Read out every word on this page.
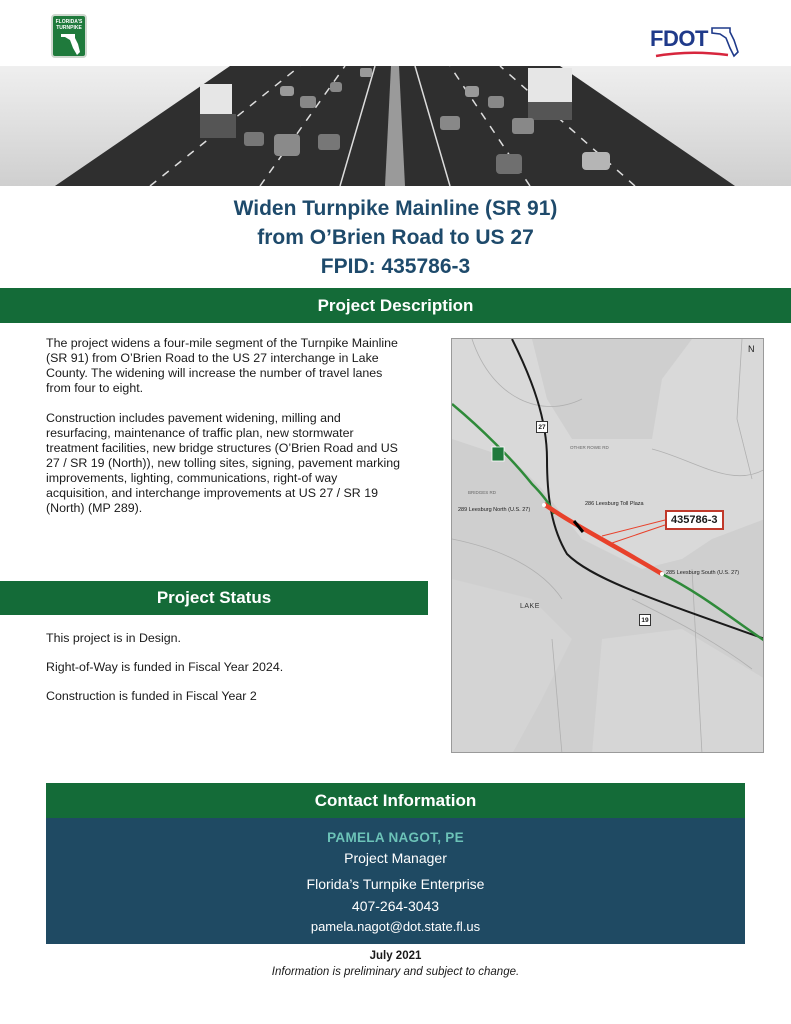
FLORIDA'S TURNPIKE	FDOT
Widen Turnpike Mainline (SR 91)
from O’Brien Road to US 27
FPID: 435786-3
Project Description

The project widens a four-mile segment of the Turnpike Mainline (SR 91) from O’Brien Road to the US 27 interchange in Lake County. The widening will increase the number of travel lanes from four to eight.

Construction includes pavement widening, milling and resurfacing, maintenance of traffic plan, new stormwater treatment facilities, new bridge structures (O’Brien Road and US 27 / SR 19 (North)), new tolling sites, signing, pavement marking improvements, lighting, communications, right-of way acquisition, and interchange improvements at US 27 / SR 19 (North) (MP 289).

N
27
19
OTHER ROWE RD
BRIDGES RD
289 Leesburg North (U.S. 27)
286 Leesburg Toll Plaza
285 Leesburg South (U.S. 27)
LAKE
435786-3
Project Status

This project is in Design.

Right-of-Way is funded in Fiscal Year 2024.

Construction is funded in Fiscal Year 2

Contact Information
PAMELA NAGOT, PE
Project Manager
Florida’s Turnpike Enterprise
407-264-3043
pamela.nagot@dot.state.fl.us
July 2021
Information is preliminary and subject to change.
